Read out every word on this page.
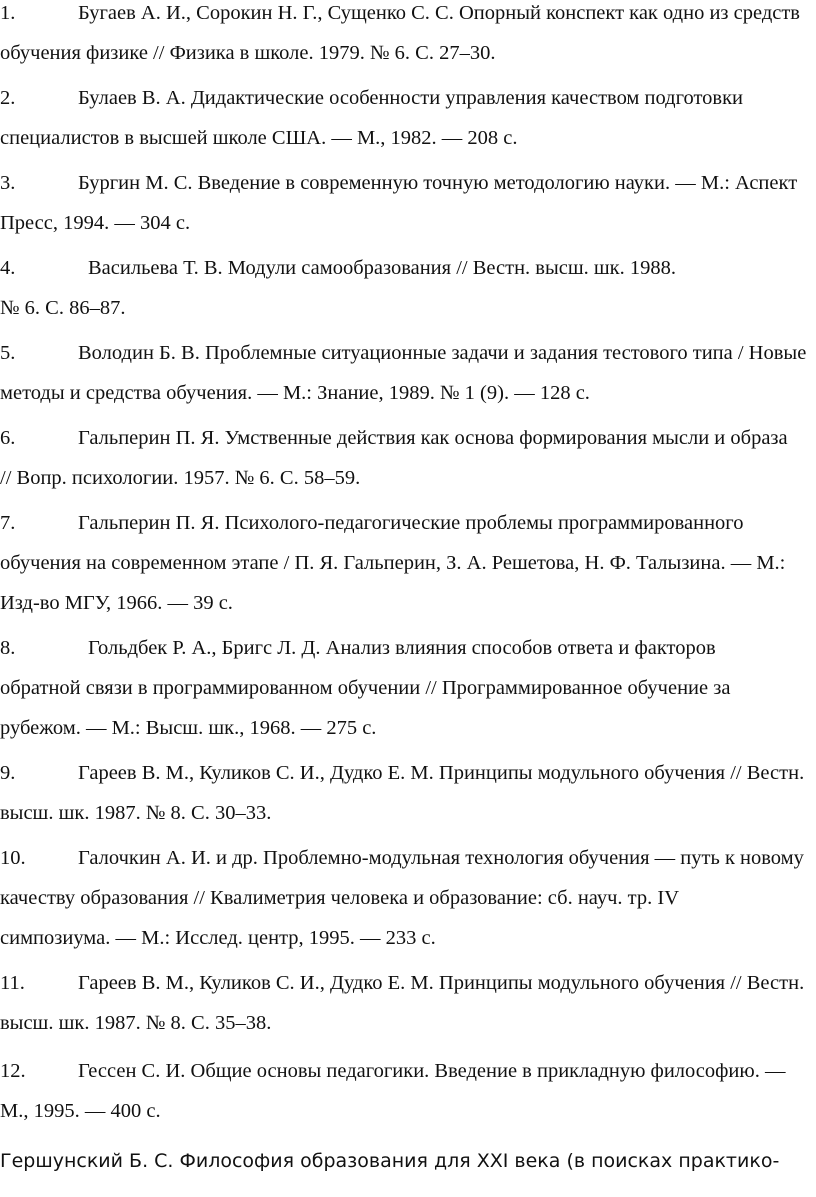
1.	Бугаев А. И., Сорокин Н. Г., Сущенко С. С. Опорный конспект как одно из средств
обучения физике // Физика в школе. 1979. № 6. С. 27–30.
2.	Булаев В. А. Дидактические особенности управления качеством подготовки
специалистов в высшей школе США. — М., 1982. — 208 с.
3.	Бургин М. С. Введение в современную точную методологию науки. — М.: Аспект
Пресс, 1994. — 304 с.
4.	Васильева Т. В. Модули самообразования // Вестн. высш. шк. 1988.
№ 6. С. 86–87.
5.	Володин Б. В. Проблемные ситуационные задачи и задания тестового типа / Новые
методы и средства обучения. — М.: Знание, 1989. № 1 (9). — 128 с.
6.	Гальперин П. Я. Умственные действия как основа формирования мысли и образа
// Вопр. психологии. 1957. № 6. С. 58–59.
7.	Гальперин П. Я. Психолого-педагогические проблемы программированного
обучения на современном этапе / П. Я. Гальперин, З. А. Решетова, Н. Ф. Талызина. — М.:
Изд-во МГУ, 1966. — 39 с.
8.	Гольдбек Р. А., Бригс Л. Д. Анализ влияния способов ответа и факторов
обратной связи в программированном обучении // Программированное обучение за
рубежом. — М.: Высш. шк., 1968. — 275 с.
9.	Гареев В. М., Куликов С. И., Дудко Е. М. Принципы модульного обучения // Вестн.
высш. шк. 1987. № 8. С. 30–33.
10.	Галочкин А. И. и др. Проблемно-модульная технология обучения — путь к новому
качеству образования // Квалиметрия человека и образование: сб. науч. тр. IV
симпозиума. — М.: Исслед. центр, 1995. — 233 с.
11.	Гареев В. М., Куликов С. И., Дудко Е. М. Принципы модульного обучения // Вестн.
высш. шк. 1987. № 8. С. 35–38.
12.	Гессен С. И. Общие основы педагогики. Введение в прикладную философию. —
М., 1995. — 400 с.
Гершунский Б. С. Философия образования для XXI века (в поисках практико-
